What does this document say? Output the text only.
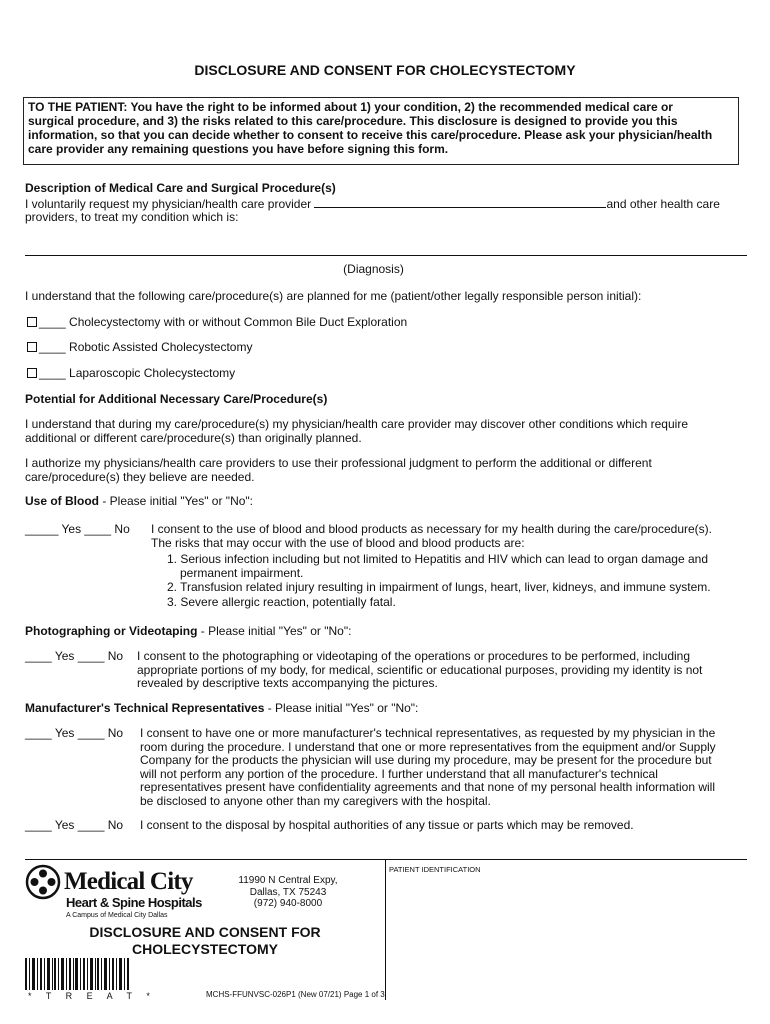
DISCLOSURE AND CONSENT FOR CHOLECYSTECTOMY
TO THE PATIENT: You have the right to be informed about 1) your condition, 2) the recommended medical care or
surgical procedure, and 3) the risks related to this care/procedure. This disclosure is designed to provide you this
information, so that you can decide whether to consent to receive this care/procedure. Please ask your physician/health
care provider any remaining questions you have before signing this form.
Description of Medical Care and Surgical Procedure(s)
I voluntarily request my physician/health care provider	and other health care
providers, to treat my condition which is:
(Diagnosis)
I understand that the following care/procedure(s) are planned for me (patient/other legally responsible person initial):
____ Cholecystectomy with or without Common Bile Duct Exploration
____ Robotic Assisted Cholecystectomy
____ Laparoscopic Cholecystectomy
Potential for Additional Necessary Care/Procedure(s)
I understand that during my care/procedure(s) my physician/health care provider may discover other conditions which require
additional or different care/procedure(s) than originally planned.
I authorize my physicians/health care providers to use their professional judgment to perform the additional or different
care/procedure(s) they believe are needed.
Use of Blood - Please initial "Yes" or "No":
_____ Yes ____ No I consent to the use of blood and blood products as necessary for my health during the care/procedure(s).
The risks that may occur with the use of blood and blood products are:
1. Serious infection including but not limited to Hepatitis and HIV which can lead to organ damage and
permanent impairment.
2. Transfusion related injury resulting in impairment of lungs, heart, liver, kidneys, and immune system.
3. Severe allergic reaction, potentially fatal.
Photographing or Videotaping - Please initial "Yes" or "No":
____ Yes ____ No I consent to the photographing or videotaping of the operations or procedures to be performed, including
appropriate portions of my body, for medical, scientific or educational purposes, providing my identity is not
revealed by descriptive texts accompanying the pictures.
Manufacturer's Technical Representatives - Please initial "Yes" or "No":
____ Yes ____ No I consent to have one or more manufacturer's technical representatives, as requested by my physician in the
room during the procedure. I understand that one or more representatives from the equipment and/or Supply
Company for the products the physician will use during my procedure, may be present for the procedure but
will not perform any portion of the procedure. I further understand that all manufacturer's technical
representatives present have confidentiality agreements and that none of my personal health information will
be disclosed to anyone other than my caregivers with the hospital.
____ Yes ____ No I consent to the disposal by hospital authorities of any tissue or parts which may be removed.
Medical City
Heart & Spine Hospitals
A Campus of Medical City Dallas
11990 N Central Expy,
Dallas, TX 75243
(972) 940-8000
DISCLOSURE AND CONSENT FOR
CHOLECYSTECTOMY
* T R E A T *	MCHS-FFUNVSC-026P1 (New 07/21) Page 1 of 3
PATIENT IDENTIFICATION
